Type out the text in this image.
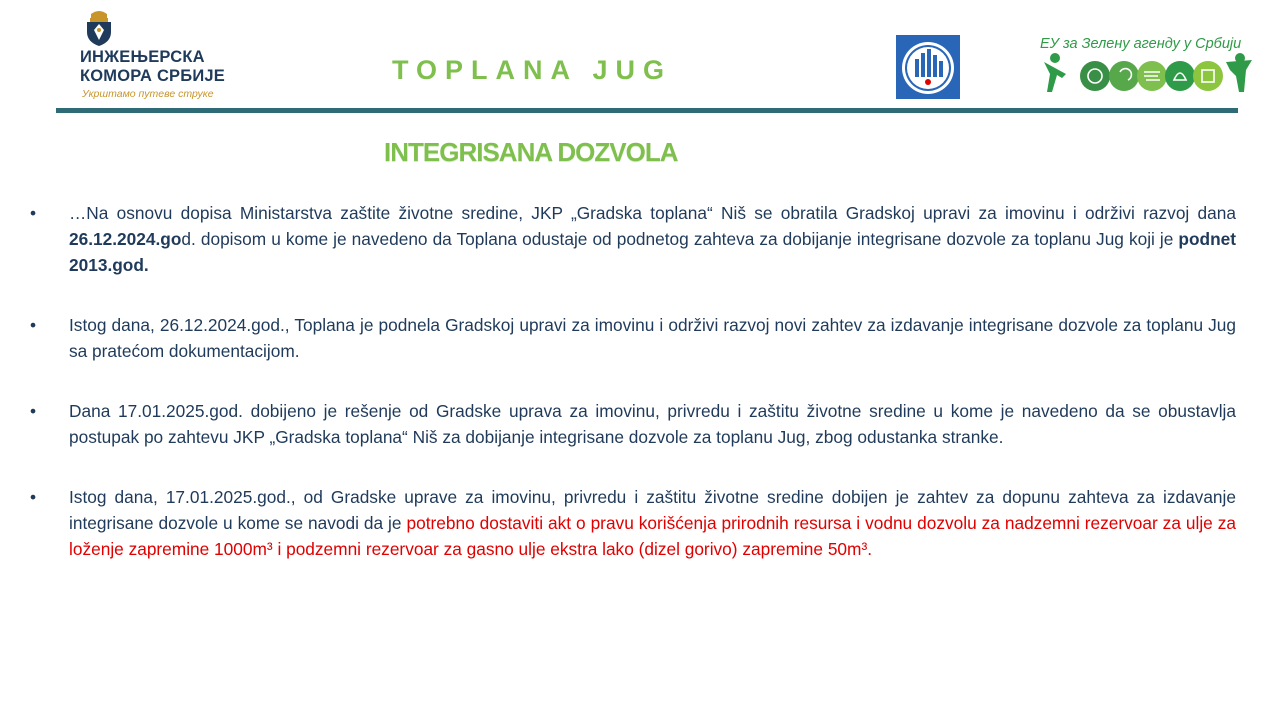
ИНЖЕЊЕРСКА
КОМОРА СРБИЈЕ
Укрштамо путеве струке
TOPLANA JUG
ЕУ за Зелену агенду у Србији
INTEGRISANA DOZVOLA
• …Na osnovu dopisa Ministarstva zaštite životne sredine, JKP „Gradska toplana“ Niš se obratila Gradskoj upravi za imovinu i održivi razvoj dana 26.12.2024.god. dopisom u kome je navedeno da Toplana odustaje od podnetog zahteva za dobijanje integrisane dozvole za toplanu Jug koji je podnet 2013.god.
• Istog dana, 26.12.2024.god., Toplana je podnela Gradskoj upravi za imovinu i održivi razvoj novi zahtev za izdavanje integrisane dozvole za toplanu Jug sa pratećom dokumentacijom.
• Dana 17.01.2025.god. dobijeno je rešenje od Gradske uprava za imovinu, privredu i zaštitu životne sredine u kome je navedeno da se obustavlja postupak po zahtevu JKP „Gradska toplana“ Niš za dobijanje integrisane dozvole za toplanu Jug, zbog odustanka stranke.
• Istog dana, 17.01.2025.god., od Gradske uprave za imovinu, privredu i zaštitu životne sredine dobijen je zahtev za dopunu zahteva za izdavanje integrisane dozvole u kome se navodi da je potrebno dostaviti akt o pravu korišćenja prirodnih resursa i vodnu dozvolu za nadzemni rezervoar za ulje za loženje zapremine 1000m³ i podzemni rezervoar za gasno ulje ekstra lako (dizel gorivo) zapremine 50m³.
